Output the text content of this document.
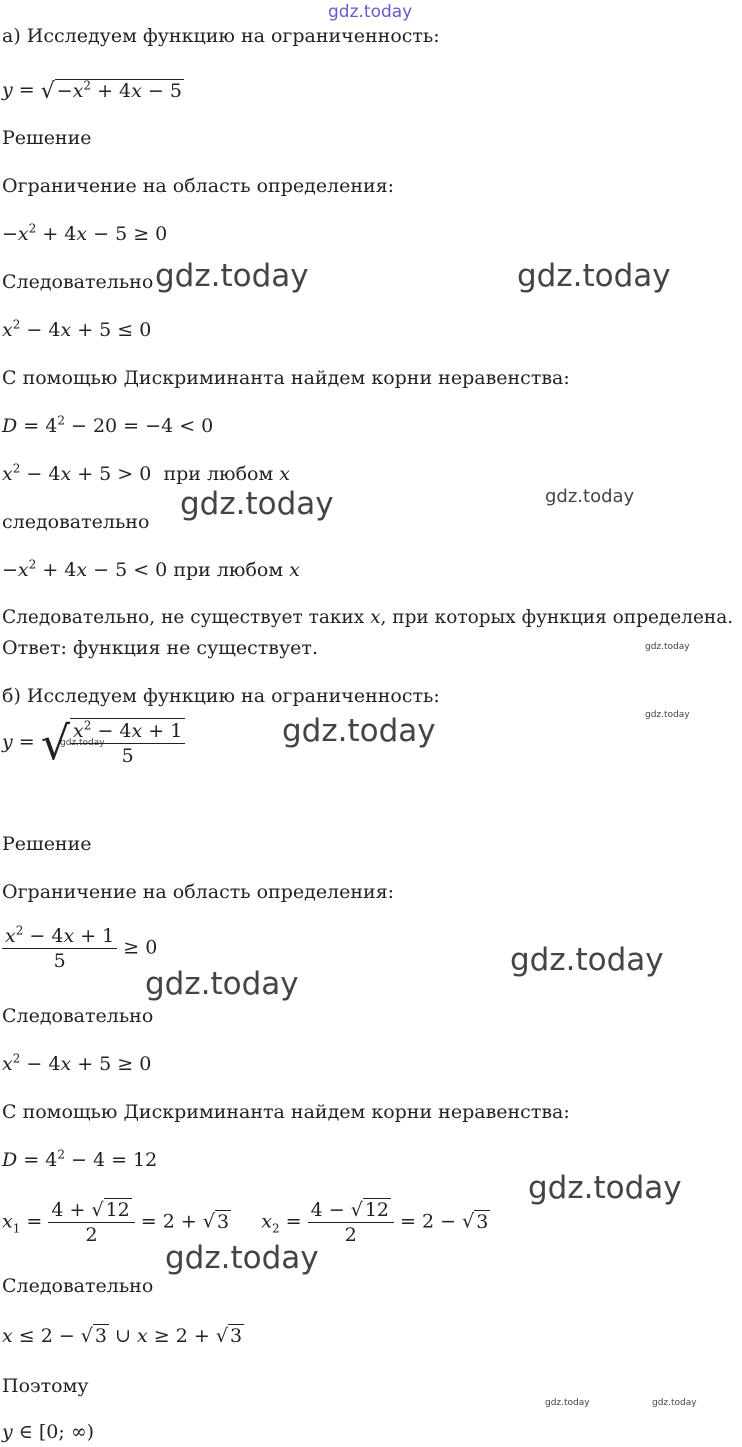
gdz.today
gdz.today	gdz.today
gdz.today	gdz.today
gdz.today
gdz.today
gdz.today
gdz.today
gdz.today
gdz.today
gdz.today
gdz.today
gdz.today	gdz.today
а) Исследуем функцию на ограниченность:
y = √ $-x^2 + 4x - 5$
Решение
Ограничение на область определения:
$-x^2 + 4x - 5 \ge 0$
Следовательно
$x^2 - 4x + 5 \le 0$
С помощью Дискриминанта найдем корни неравенства:
$D = 4^2 - 20 = -4 < 0$
$x^2 - 4x + 5 > 0$  при любом x
следовательно
$-x^2 + 4x - 5 < 0$ при любом x
Следовательно, не существует таких x, при которых функция определена.
Ответ: функция не существует.
б) Исследуем функцию на ограниченность:
y = √ $\frac{x^2 - 4x + 1}{5}$
Решение
Ограничение на область определения:
$\frac{x^2 - 4x + 1}{5} \ge 0$
Следовательно
$x^2 - 4x + 5 \ge 0$
С помощью Дискриминанта найдем корни неравенства:
$D = 4^2 - 4 = 12$
$x_1 = \frac{4 + √ 12}{2} = 2$ + √ 3 $x_2 = \frac{4 - √ 12}{2} = 2$ − √ 3
Следовательно
x ≤ 2 − √ 3 ∪ x ≥ 2 + √ 3
Поэтому
y ∈ [0; ∞)
